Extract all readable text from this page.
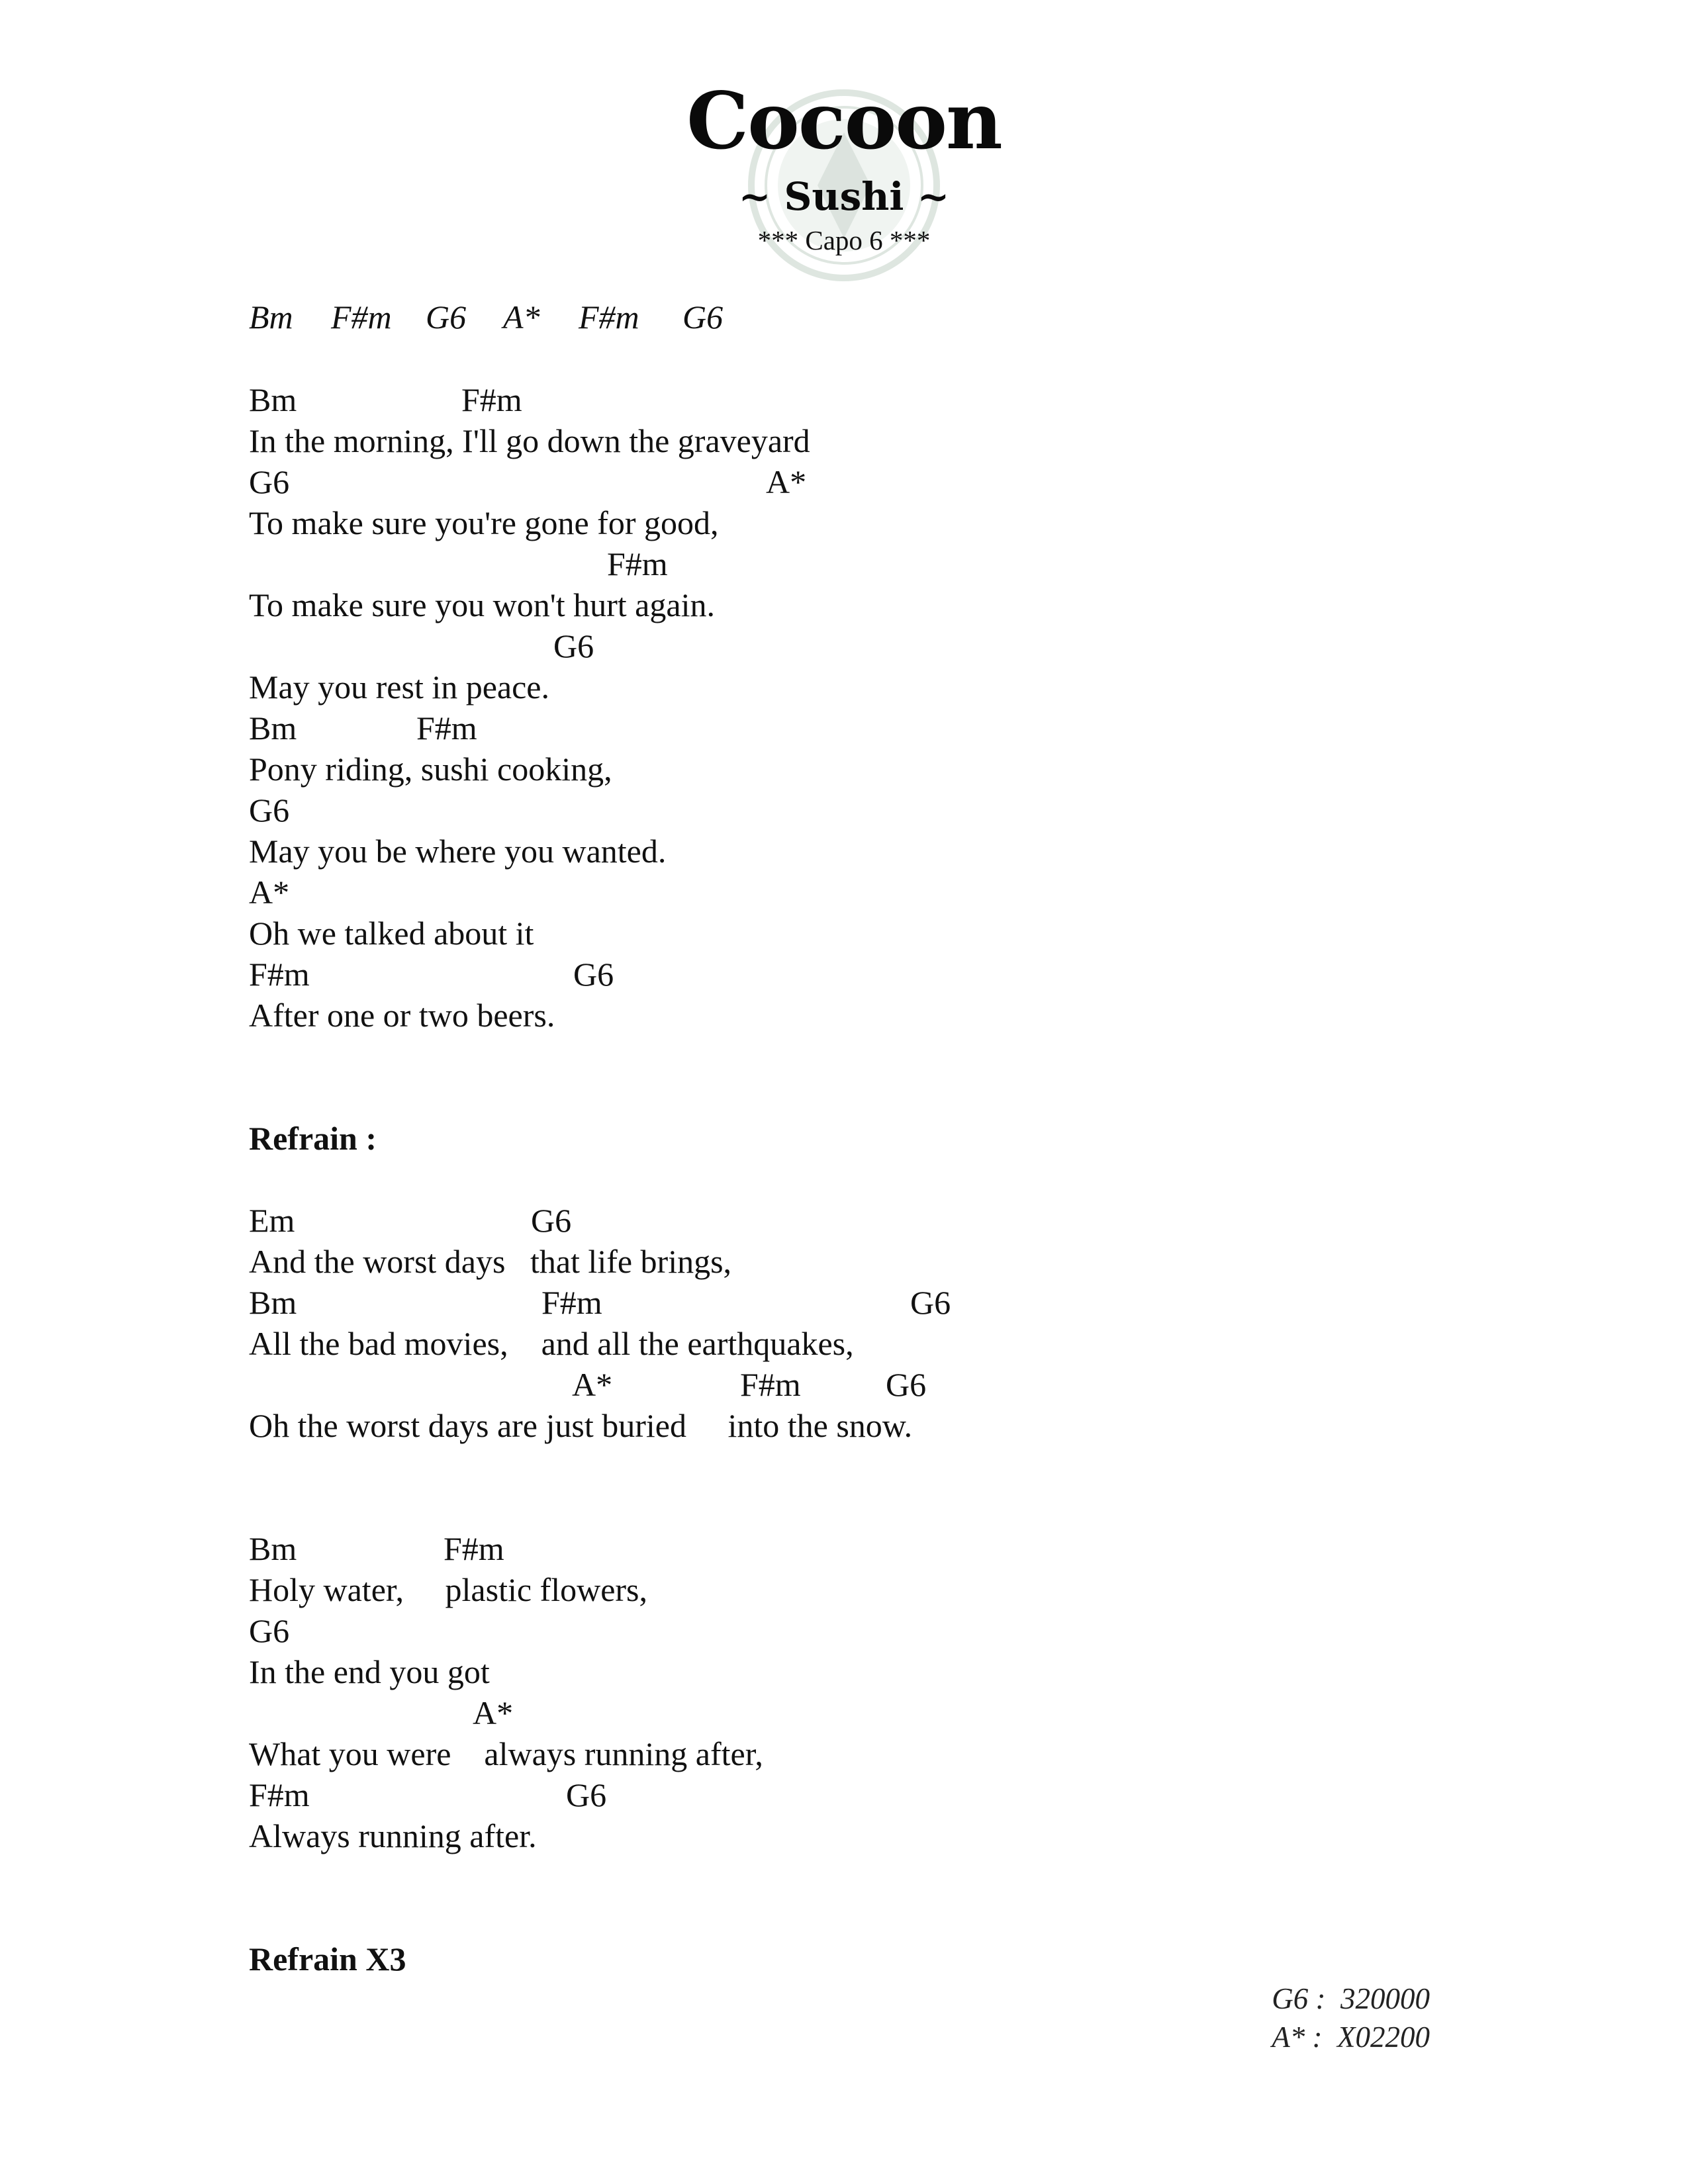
Cocoon
~ Sushi ~
*** Capo 6 ***
Bm F#m G6 A* F#m G6
Bm	F#m
In the morning, I'll go down the graveyard
G6	A*
To make sure you're gone for good,
F#m
To make sure you won't hurt again.
G6
May you rest in peace.
Bm	F#m
Pony riding, sushi cooking,
G6
May you be where you wanted.
A*
Oh we talked about it
F#m	G6
After one or two beers.
Refrain :
Em	G6
And the worst days   that life brings,
Bm	F#m	G6
All the bad movies,    and all the earthquakes,
A*	F#m	G6
Oh the worst days are just buried     into the snow.
Bm	F#m
Holy water,     plastic flowers,
G6
In the end you got
A*
What you were    always running after,
F#m	G6
Always running after.
Refrain X3
G6 :  320000
A* :  X02200
